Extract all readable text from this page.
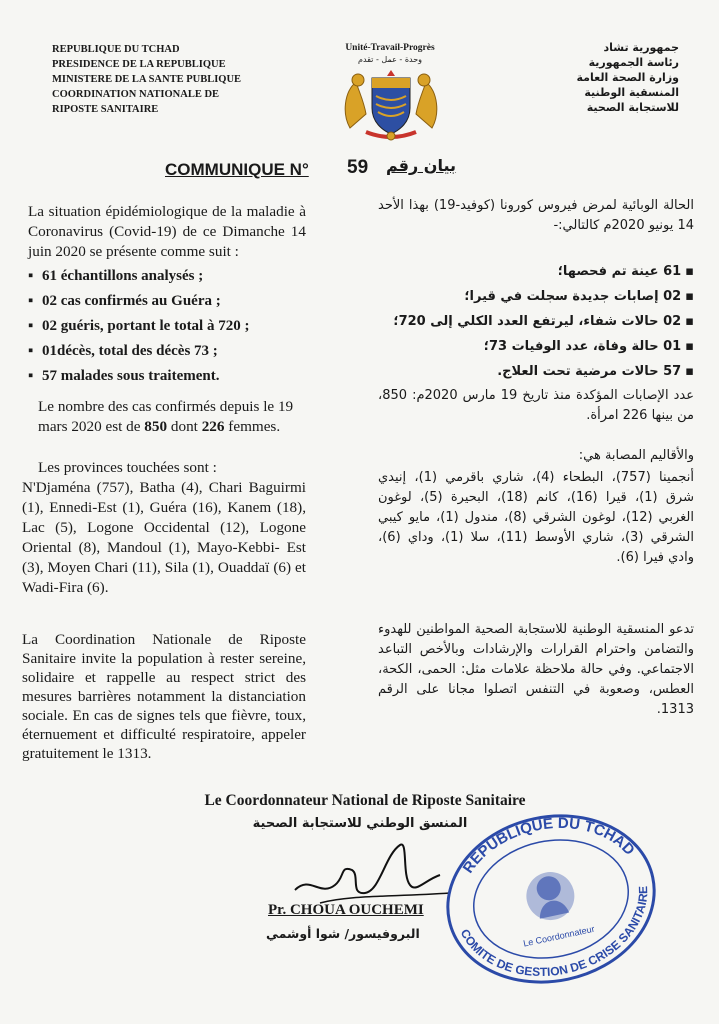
REPUBLIQUE DU TCHAD
PRESIDENCE DE LA REPUBLIQUE
MINISTERE DE LA SANTE PUBLIQUE
COORDINATION NATIONALE DE
RIPOSTE SANITAIRE
Unité-Travail-Progrès
وحدة - عمل - تقدم
جمهورية تشاد
رئاسة الجمهورية
وزارة الصحة العامة
المنسقية الوطنية
للاستجابة الصحية
COMMUNIQUE N° 59 بيان رقم
La situation épidémiologique de la maladie à Coronavirus (Covid-19) de ce Dimanche 14 juin 2020 se présente comme suit :
▪ 61 échantillons analysés ;
▪ 02 cas confirmés au Guéra ;
▪ 02 guéris, portant le total à 720 ;
▪ 01décès, total des décès 73 ;
▪ 57 malades sous traitement.
Le nombre des cas confirmés depuis le 19 mars 2020 est de 850 dont 226 femmes.
Les provinces touchées sont :
N'Djaména (757), Batha (4), Chari Baguirmi (1), Ennedi-Est (1), Guéra (16), Kanem (18), Lac (5), Logone Occidental (12), Logone Oriental (8), Mandoul (1), Mayo-Kebbi- Est (3), Moyen Chari (11), Sila (1), Ouaddaï (6) et Wadi-Fira (6).
La Coordination Nationale de Riposte Sanitaire invite la population à rester sereine, solidaire et rappelle au respect strict des mesures barrières notamment la distanciation sociale. En cas de signes tels que fièvre, toux, éternuement et difficulté respiratoire, appeler gratuitement le 1313.
الحالة الوبائية لمرض فيروس كورونا (كوفيد-19) بهذا الأحد 14 يونيو 2020م كالتالي:-
▪ 61 عينة تم فحصها؛
▪ 02 إصابات جديدة سجلت في قيرا؛
▪ 02 حالات شفاء، ليرتفع العدد الكلي إلى 720؛
▪ 01 حالة وفاة، عدد الوفيات 73؛
▪ 57 حالات مرضية تحت العلاج.
عدد الإصابات المؤكدة منذ تاريخ 19 مارس 2020م: 850، من بينها 226 امرأة.
والأقاليم المصابة هي:
أنجمينا (757)، البطحاء (4)، شاري باقرمي (1)، إنيدي شرق (1)، قيرا (16)، كانم (18)، البحيرة (5)، لوغون الغربي (12)، لوغون الشرقي (8)، مندول (1)، مايو كيبي الشرقي (3)، شاري الأوسط (11)، سلا (1)، وداي (6)، وادي فيرا (6).
تدعو المنسقية الوطنية للاستجابة الصحية المواطنين للهدوء والتضامن واحترام القرارات والإرشادات وبالأخص التباعد الاجتماعي. وفي حالة ملاحظة علامات مثل: الحمى، الكحة، العطس، وصعوبة في التنفس اتصلوا مجانا على الرقم 1313.
Le Coordonnateur National de Riposte Sanitaire
المنسق الوطني للاستجابة الصحية
Pr. CHOUA OUCHEMI
البروفيسور/ شوا أوشمي
REPUBLIQUE DU TCHAD
COMITE DE GESTION DE CRISE SANITAIRE
Le Coordonnateur
